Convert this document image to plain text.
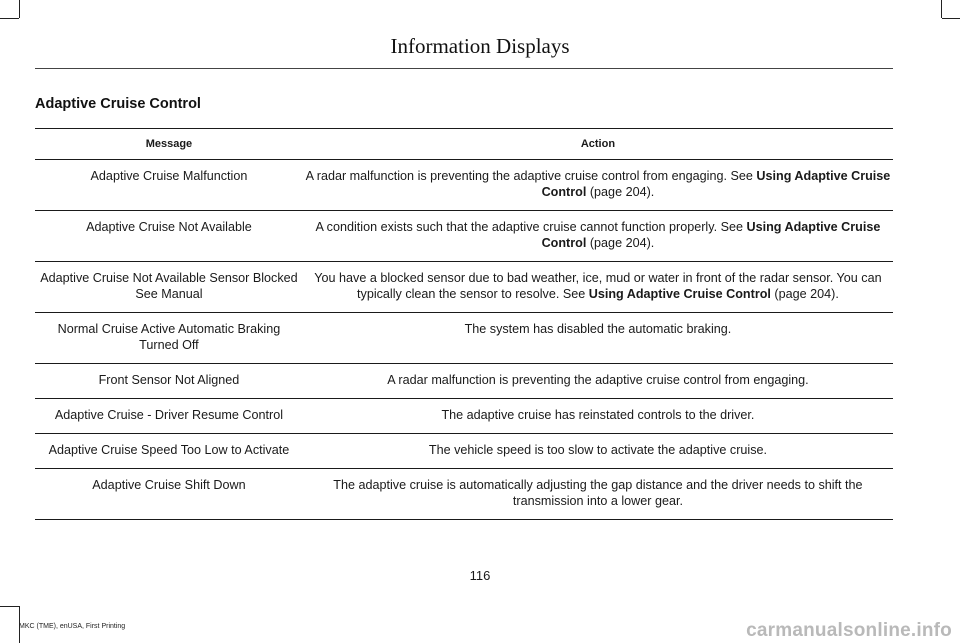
Information Displays
Adaptive Cruise Control
Message	Action
Adaptive Cruise Malfunction	A radar malfunction is preventing the adaptive cruise control from engaging. See Using Adaptive Cruise Control (page 204).
Adaptive Cruise Not Available	A condition exists such that the adaptive cruise cannot function properly. See Using Adaptive Cruise Control (page 204).
Adaptive Cruise Not Available Sensor Blocked See Manual	You have a blocked sensor due to bad weather, ice, mud or water in front of the radar sensor. You can typically clean the sensor to resolve. See Using Adaptive Cruise Control (page 204).
Normal Cruise Active Automatic Braking Turned Off	The system has disabled the automatic braking.
Front Sensor Not Aligned	A radar malfunction is preventing the adaptive cruise control from engaging.
Adaptive Cruise - Driver Resume Control	The adaptive cruise has reinstated controls to the driver.
Adaptive Cruise Speed Too Low to Activate	The vehicle speed is too slow to activate the adaptive cruise.
Adaptive Cruise Shift Down	The adaptive cruise is automatically adjusting the gap distance and the driver needs to shift the transmission into a lower gear.
116
MKC (TME), enUSA, First Printing	carmanualsonline.info
